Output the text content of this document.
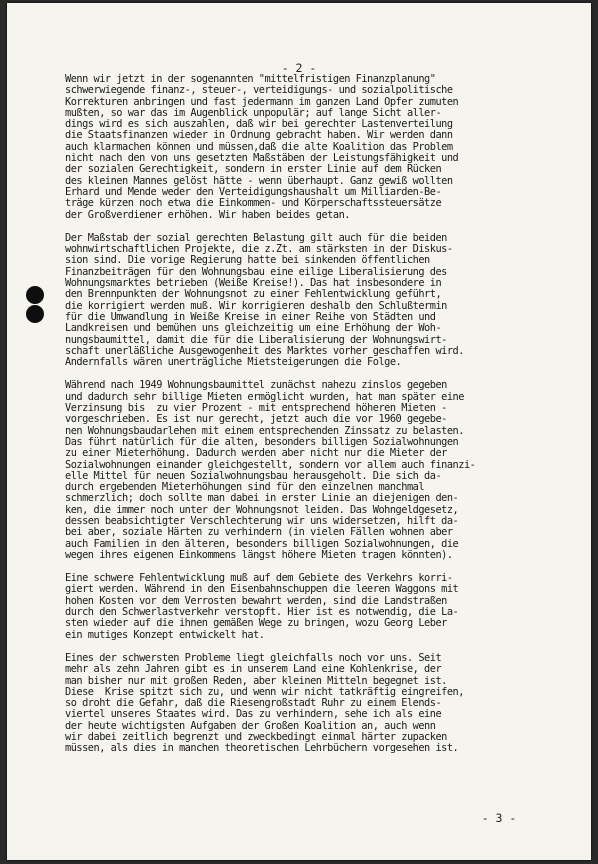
- 2 -
Wenn wir jetzt in der sogenannten "mittelfristigen Finanzplanung"
schwerwiegende finanz-, steuer-, verteidigungs- und sozialpolitische
Korrekturen anbringen und fast jedermann im ganzen Land Opfer zumuten
mußten, so war das im Augenblick unpopulär; auf lange Sicht aller-
dings wird es sich auszahlen, daß wir bei gerechter Lastenverteilung
die Staatsfinanzen wieder in Ordnung gebracht haben. Wir werden dann
auch klarmachen können und müssen,daß die alte Koalition das Problem
nicht nach den von uns gesetzten Maßstäben der Leistungsfähigkeit und
der sozialen Gerechtigkeit, sondern in erster Linie auf dem Rücken
des kleinen Mannes gelöst hätte - wenn überhaupt. Ganz gewiß wollten
Erhard und Mende weder den Verteidigungshaushalt um Milliarden-Be-
träge kürzen noch etwa die Einkommen- und Körperschaftssteuersätze
der Großverdiener erhöhen. Wir haben beides getan.
Der Maßstab der sozial gerechten Belastung gilt auch für die beiden
wohnwirtschaftlichen Projekte, die z.Zt. am stärksten in der Diskus-
sion sind. Die vorige Regierung hatte bei sinkenden öffentlichen
Finanzbeiträgen für den Wohnungsbau eine eilige Liberalisierung des
Wohnungsmarktes betrieben (Weiße Kreise!). Das hat insbesondere in
den Brennpunkten der Wohnungsnot zu einer Fehlentwicklung geführt,
die korrigiert werden muß. Wir korrigieren deshalb den Schlußtermin
für die Umwandlung in Weiße Kreise in einer Reihe von Städten und
Landkreisen und bemühen uns gleichzeitig um eine Erhöhung der Woh-
nungsbaumittel, damit die für die Liberalisierung der Wohnungswirt-
schaft unerläßliche Ausgewogenheit des Marktes vorher geschaffen wird.
Andernfalls wären unerträgliche Mietsteigerungen die Folge.
Während nach 1949 Wohnungsbaumittel zunächst nahezu zinslos gegeben
und dadurch sehr billige Mieten ermöglicht wurden, hat man später eine
Verzinsung bis  zu vier Prozent - mit entsprechend höheren Mieten -
vorgeschrieben. Es ist nur gerecht, jetzt auch die vor 1960 gegebe-
nen Wohnungsbaudarlehen mit einem entsprechenden Zinssatz zu belasten.
Das führt natürlich für die alten, besonders billigen Sozialwohnungen
zu einer Mieterhöhung. Dadurch werden aber nicht nur die Mieter der
Sozialwohnungen einander gleichgestellt, sondern vor allem auch finanzi-
elle Mittel für neuen Sozialwohnungsbau herausgeholt. Die sich da-
durch ergebenden Mieterhöhungen sind für den einzelnen manchmal
schmerzlich; doch sollte man dabei in erster Linie an diejenigen den-
ken, die immer noch unter der Wohnungsnot leiden. Das Wohngeldgesetz,
dessen beabsichtigter Verschlechterung wir uns widersetzen, hilft da-
bei aber, soziale Härten zu verhindern (in vielen Fällen wohnen aber
auch Familien in den älteren, besonders billigen Sozialwohnungen, die
wegen ihres eigenen Einkommens längst höhere Mieten tragen könnten).
Eine schwere Fehlentwicklung muß auf dem Gebiete des Verkehrs korri-
giert werden. Während in den Eisenbahnschuppen die leeren Waggons mit
hohen Kosten vor dem Verrosten bewahrt werden, sind die Landstraßen
durch den Schwerlastverkehr verstopft. Hier ist es notwendig, die La-
sten wieder auf die ihnen gemäßen Wege zu bringen, wozu Georg Leber
ein mutiges Konzept entwickelt hat.
Eines der schwersten Probleme liegt gleichfalls noch vor uns. Seit
mehr als zehn Jahren gibt es in unserem Land eine Kohlenkrise, der
man bisher nur mit großen Reden, aber kleinen Mitteln begegnet ist.
Diese  Krise spitzt sich zu, und wenn wir nicht tatkräftig eingreifen,
so droht die Gefahr, daß die Riesengroßstadt Ruhr zu einem Elends-
viertel unseres Staates wird. Das zu verhindern, sehe ich als eine
der heute wichtigsten Aufgaben der Großen Koalition an, auch wenn
wir dabei zeitlich begrenzt und zweckbedingt einmal härter zupacken
müssen, als dies in manchen theoretischen Lehrbüchern vorgesehen ist.
- 3 -
